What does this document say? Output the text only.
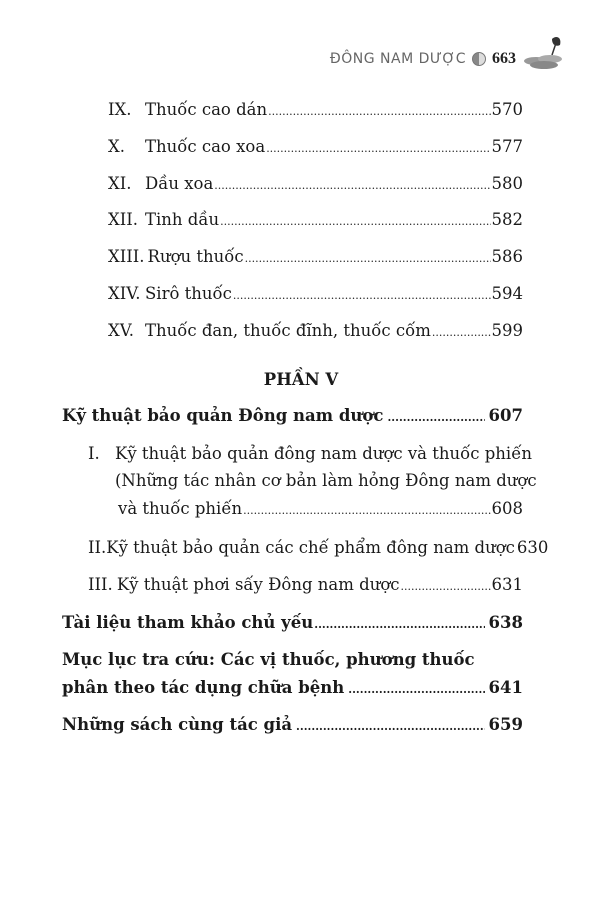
ĐÔNG NAM DƯỢC 663
IX. Thuốc cao dán .....	570
X.	Thuốc cao xoa .....	577
XI. Dầu xoa .....	580
XII. Tinh dầu .....	582
XIII. Rượu thuốc .....	586
XIV. Sirô thuốc .....	594
XV. Thuốc đan, thuốc đĩnh, thuốc cốm .....	599
PHẦN V
Kỹ thuật bảo quản Đông nam dược .....	607
I. Kỹ thuật bảo quản đông nam dược và thuốc phiến
(Những tác nhân cơ bản làm hỏng Đông nam dược
và thuốc phiến .....	608
II. Kỹ thuật bảo quản các chế phẩm đông nam dược 630
III. Kỹ thuật phơi sấy Đông nam dược .....	631
Tài liệu tham khảo chủ yếu .....	638
Mục lục tra cứu: Các vị thuốc, phương thuốc
phân theo tác dụng chữa bệnh .....	641
Những sách cùng tác giả .....	659
